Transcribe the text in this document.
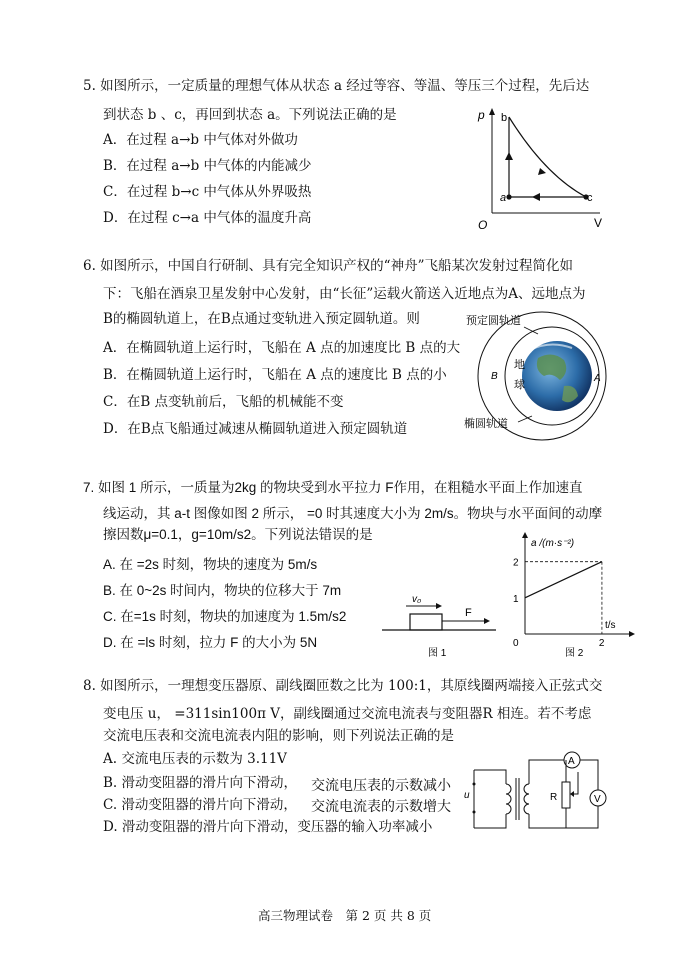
5. 如图所示，一定质量的理想气体从状态 a 经过等容、等温、等压三个过程，先后达
到状态 b 、c，再回到状态 a。下列说法正确的是
A．在过程 a→b 中气体对外做功
B．在过程 a→b 中气体的内能减少
C．在过程 b→c 中气体从外界吸热
D．在过程 c→a 中气体的温度升高
p
V
O
a
b
c
6. 如图所示，中国自行研制、具有完全知识产权的“神舟”飞船某次发射过程简化如
下：飞船在酒泉卫星发射中心发射，由“长征”运载火箭送入近地点为A、远地点为
B的椭圆轨道上，在B点通过变轨进入预定圆轨道。则
A．在椭圆轨道上运行时，飞船在 A 点的加速度比 B 点的大
B．在椭圆轨道上运行时，飞船在 A 点的速度比 B 点的小
C．在B 点变轨前后，飞船的机械能不变
D．在B点飞船通过减速从椭圆轨道进入预定圆轨道
预定圆轨道
地
球
B	A
椭圆轨道
7. 如图 1 所示，一质量为2kg 的物块受到水平拉力 F作用，在粗糙水平面上作加速直
线运动，其 a-t 图像如图 2 所示， =0 时其速度大小为 2m/s。物块与水平面间的动摩
擦因数μ=0.1，g=10m/s2。下列说法错误的是
A. 在 =2s 时刻，物块的速度为 5m/s
B. 在 0~2s 时间内，物块的位移大于 7m
C. 在=1s 时刻，物块的加速度为 1.5m/s2
D. 在 =ls 时刻，拉力 F 的大小为 5N
v₀
F
图 1
a /(m·s⁻²)
t/s
图 2
1
2
2
0
8. 如图所示，一理想变压器原、副线圈匝数之比为 100:1，其原线圈两端接入正弦式交
变电压 u， =311sin100π V，副线圈通过交流电流表与变阻器R 相连。若不考虑
交流电压表和交流电流表内阻的影响，则下列说法正确的是
A. 交流电压表的示数为 3.11V
B. 滑动变阻器的滑片向下滑动， 交流电压表的示数减小
C. 滑动变阻器的滑片向下滑动， 交流电流表的示数增大
D. 滑动变阻器的滑片向下滑动，变压器的输入功率减小
u
A
V
R
高三物理试卷　第 2 页 共 8 页
